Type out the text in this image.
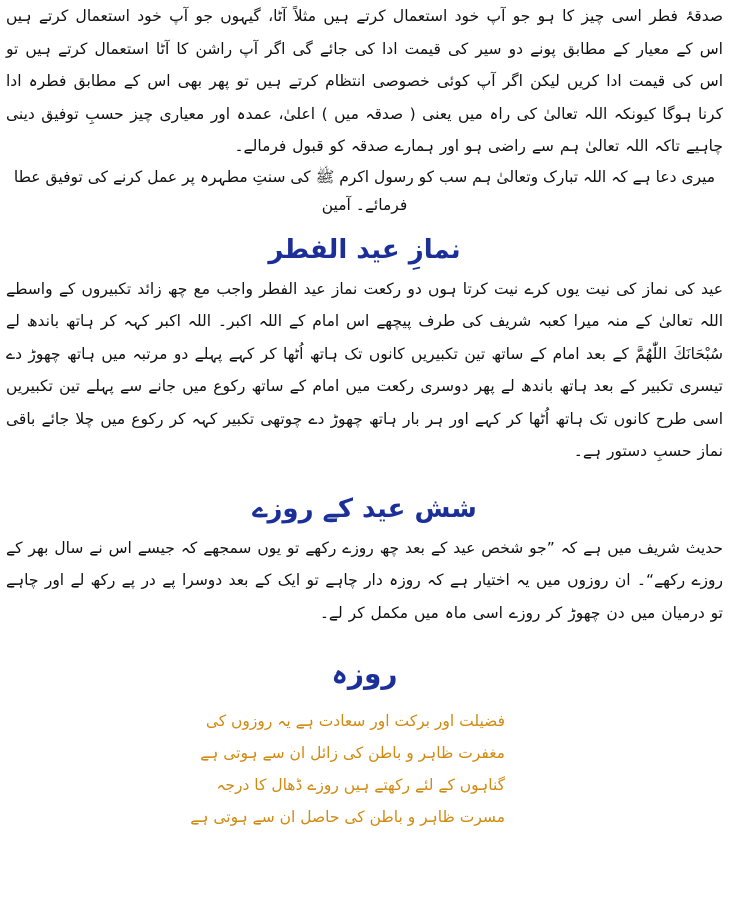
صدقۂ فطر اسی چیز کا ہو جو آپ خود استعمال کرتے ہیں مثلاً آٹا، گیہوں جو آپ خود استعمال کرتے ہیں اس کے معیار کے مطابق پونے دو سیر کی قیمت ادا کی جائے گی اگر آپ راشن کا آٹا استعمال کرتے ہیں تو اس کی قیمت ادا کریں لیکن اگر آپ کوئی خصوصی انتظام کرتے ہیں تو پھر بھی اس کے مطابق فطرہ ادا کرنا ہوگا کیونکہ اللہ تعالیٰ کی راہ میں یعنی ( صدقہ میں ) اعلیٰ، عمدہ اور معیاری چیز حسبِ توفیق دینی چاہیے تاکہ اللہ تعالیٰ ہم سے راضی ہو اور ہمارے صدقہ کو قبول فرمالے۔

میری دعا ہے کہ اللہ تبارک وتعالیٰ ہم سب کو رسول اکرم ﷺ کی سنتِ مطہرہ پر عمل کرنے کی توفیق عطا فرمائے۔ آمین

نمازِ عید الفطر

عید کی نماز کی نیت یوں کرے نیت کرتا ہوں دو رکعت نماز عید الفطر واجب مع چھ زائد تکبیروں کے واسطے اللہ تعالیٰ کے منہ میرا کعبہ شریف کی طرف پیچھے اس امام کے اللہ اکبر۔ اللہ اکبر کہہ کر ہاتھ باندھ لے سُبْحَانَكَ اللّٰهُمَّ کے بعد امام کے ساتھ تین تکبیریں کانوں تک ہاتھ اُٹھا کر کہے پہلے دو مرتبہ میں ہاتھ چھوڑ دے تیسری تکبیر کے بعد ہاتھ باندھ لے پھر دوسری رکعت میں امام کے ساتھ رکوع میں جانے سے پہلے تین تکبیریں اسی طرح کانوں تک ہاتھ اُٹھا کر کہے اور ہر بار ہاتھ چھوڑ دے چوتھی تکبیر کہہ کر رکوع میں چلا جائے باقی نماز حسبِ دستور ہے۔

شش عید کے روزے

حدیث شریف میں ہے کہ ”جو شخص عید کے بعد چھ روزے رکھے تو یوں سمجھے کہ جیسے اس نے سال بھر کے روزے رکھے“۔ ان روزوں میں یہ اختیار ہے کہ روزہ دار چاہے تو ایک کے بعد دوسرا پے در پے رکھ لے اور چاہے تو درمیان میں دن چھوڑ کر روزے اسی ماہ میں مکمل کر لے۔

روزہ
فضیلت اور برکت اور سعادت ہے یہ روزوں کی
مغفرت ظاہر و باطن کی زائل ان سے ہوتی ہے
گناہوں کے لئے رکھتے ہیں روزے ڈھال کا درجہ
مسرت ظاہر و باطن کی حاصل ان سے ہوتی ہے
